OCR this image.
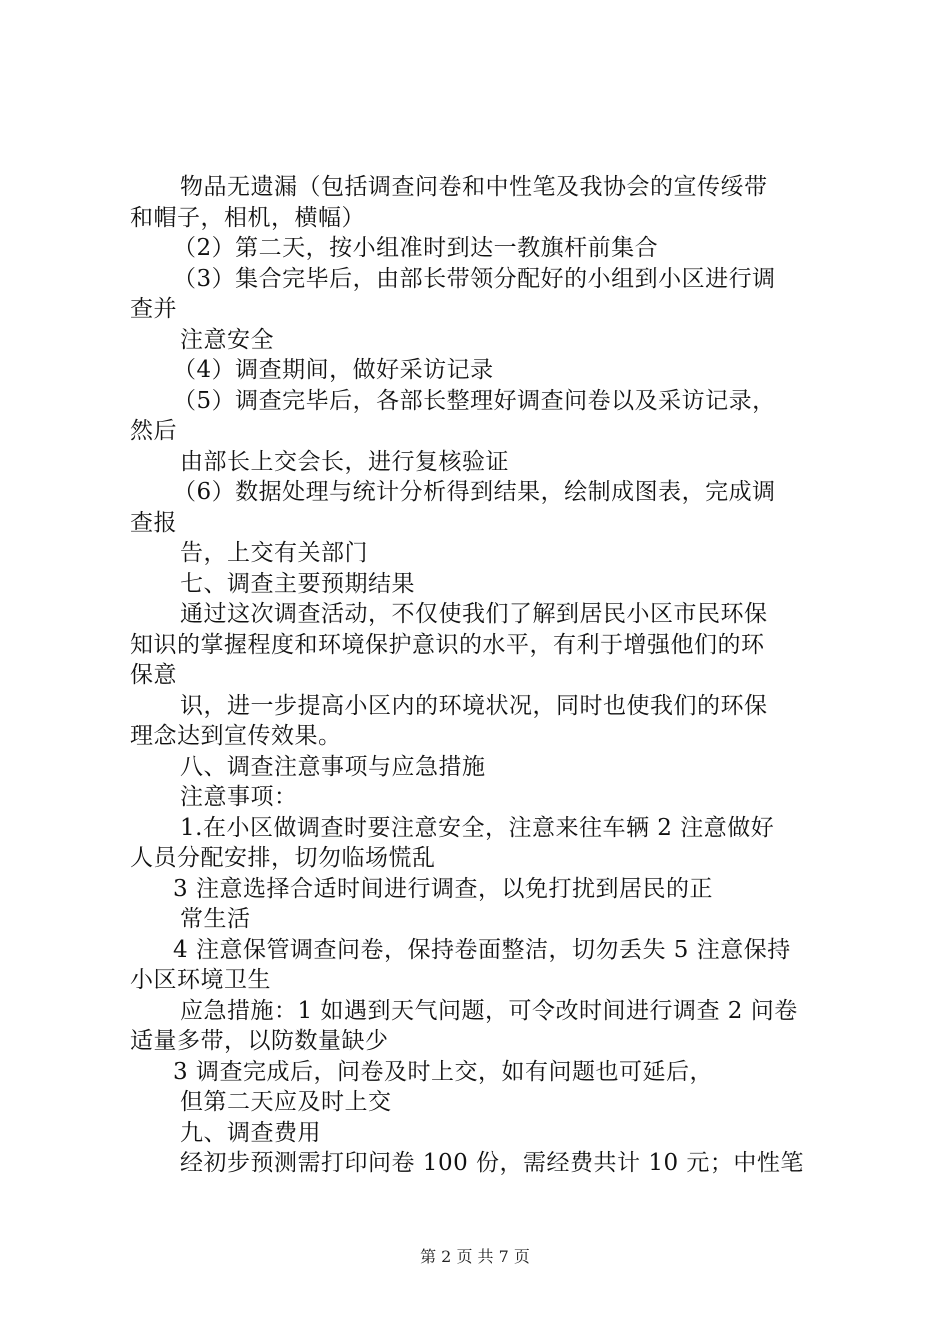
物品无遗漏（包括调查问卷和中性笔及我协会的宣传绥带
和帽子，相机，横幅）
（2）第二天，按小组准时到达一教旗杆前集合
（3）集合完毕后，由部长带领分配好的小组到小区进行调
查并
注意安全
（4）调查期间，做好采访记录
（5）调查完毕后，各部长整理好调查问卷以及采访记录，
然后
由部长上交会长，进行复核验证
（6）数据处理与统计分析得到结果，绘制成图表，完成调
查报
告，上交有关部门
七、调查主要预期结果
通过这次调查活动，不仅使我们了解到居民小区市民环保
知识的掌握程度和环境保护意识的水平，有利于增强他们的环
保意
识，进一步提高小区内的环境状况，同时也使我们的环保
理念达到宣传效果。
八、调查注意事项与应急措施
注意事项：
1.在小区做调查时要注意安全，注意来往车辆 2 注意做好
人员分配安排，切勿临场慌乱
3 注意选择合适时间进行调查，以免打扰到居民的正
常生活
4 注意保管调查问卷，保持卷面整洁，切勿丢失 5 注意保持
小区环境卫生
应急措施：1 如遇到天气问题，可令改时间进行调查 2 问卷
适量多带，以防数量缺少
3 调查完成后，问卷及时上交，如有问题也可延后，
但第二天应及时上交
九、调查费用
经初步预测需打印问卷 100 份，需经费共计 10 元；中性笔
第 2 页 共 7 页
